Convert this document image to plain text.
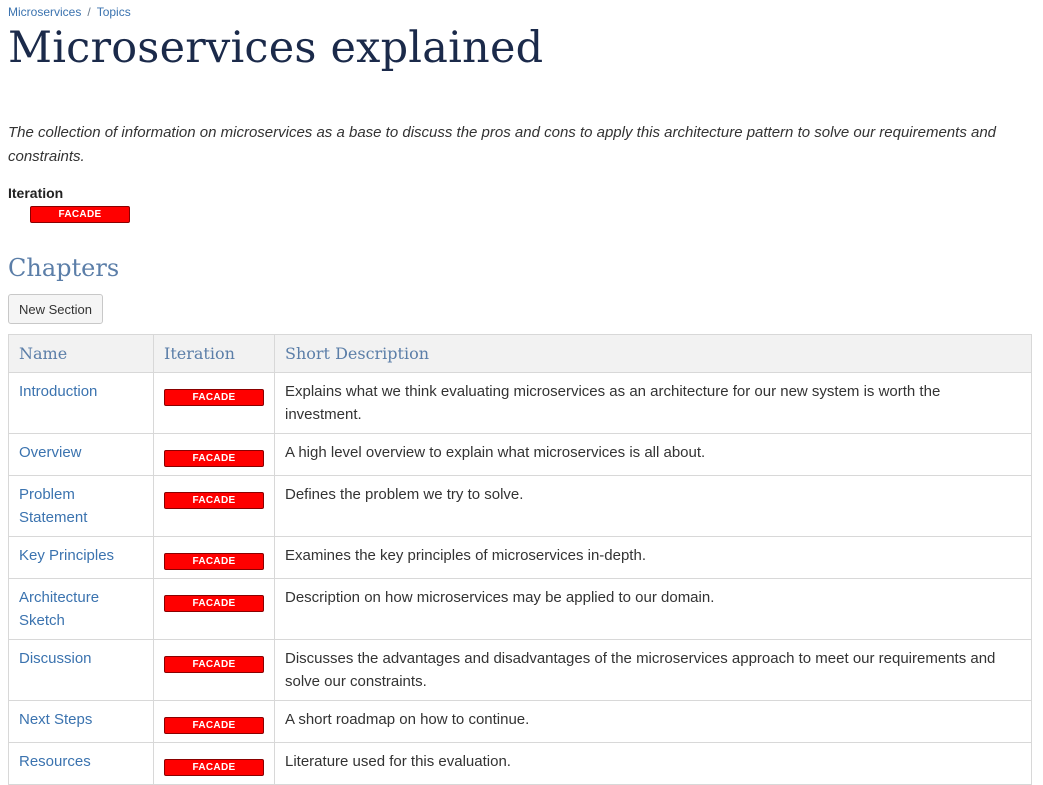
Microservices / Topics
Microservices explained
The collection of information on microservices as a base to discuss the pros and cons to apply this architecture pattern to solve our requirements and constraints.
Iteration
FACADE
Chapters
New Section
Name	Iteration	Short Description
Introduction	FACADE	Explains what we think evaluating microservices as an architecture for our new system is worth the investment.
Overview	FACADE	A high level overview to explain what microservices is all about.
Problem Statement	FACADE	Defines the problem we try to solve.
Key Principles	FACADE	Examines the key principles of microservices in-depth.
Architecture Sketch	FACADE	Description on how microservices may be applied to our domain.
Discussion	FACADE	Discusses the advantages and disadvantages of the microservices approach to meet our requirements and solve our constraints.
Next Steps	FACADE	A short roadmap on how to continue.
Resources	FACADE	Literature used for this evaluation.
